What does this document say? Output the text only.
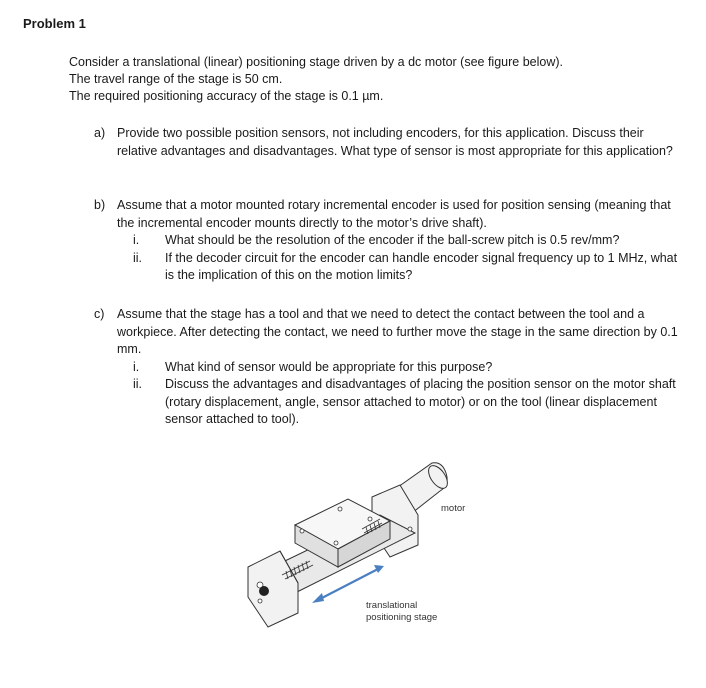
Problem 1
Consider a translational (linear) positioning stage driven by a dc motor (see figure below).
The travel range of the stage is 50 cm.
The required positioning accuracy of the stage is 0.1 µm.
a) Provide two possible position sensors, not including encoders, for this application. Discuss their relative advantages and disadvantages. What type of sensor is most appropriate for this application?
b) Assume that a motor mounted rotary incremental encoder is used for position sensing (meaning that the incremental encoder mounts directly to the motor’s drive shaft).
i. What should be the resolution of the encoder if the ball-screw pitch is 0.5 rev/mm?
ii. If the decoder circuit for the encoder can handle encoder signal frequency up to 1 MHz, what is the implication of this on the motion limits?
c) Assume that the stage has a tool and that we need to detect the contact between the tool and a workpiece. After detecting the contact, we need to further move the stage in the same direction by 0.1 mm.
i. What kind of sensor would be appropriate for this purpose?
ii. Discuss the advantages and disadvantages of placing the position sensor on the motor shaft (rotary displacement, angle, sensor attached to motor) or on the tool (linear displacement sensor attached to tool).
motor
translational
positioning stage
